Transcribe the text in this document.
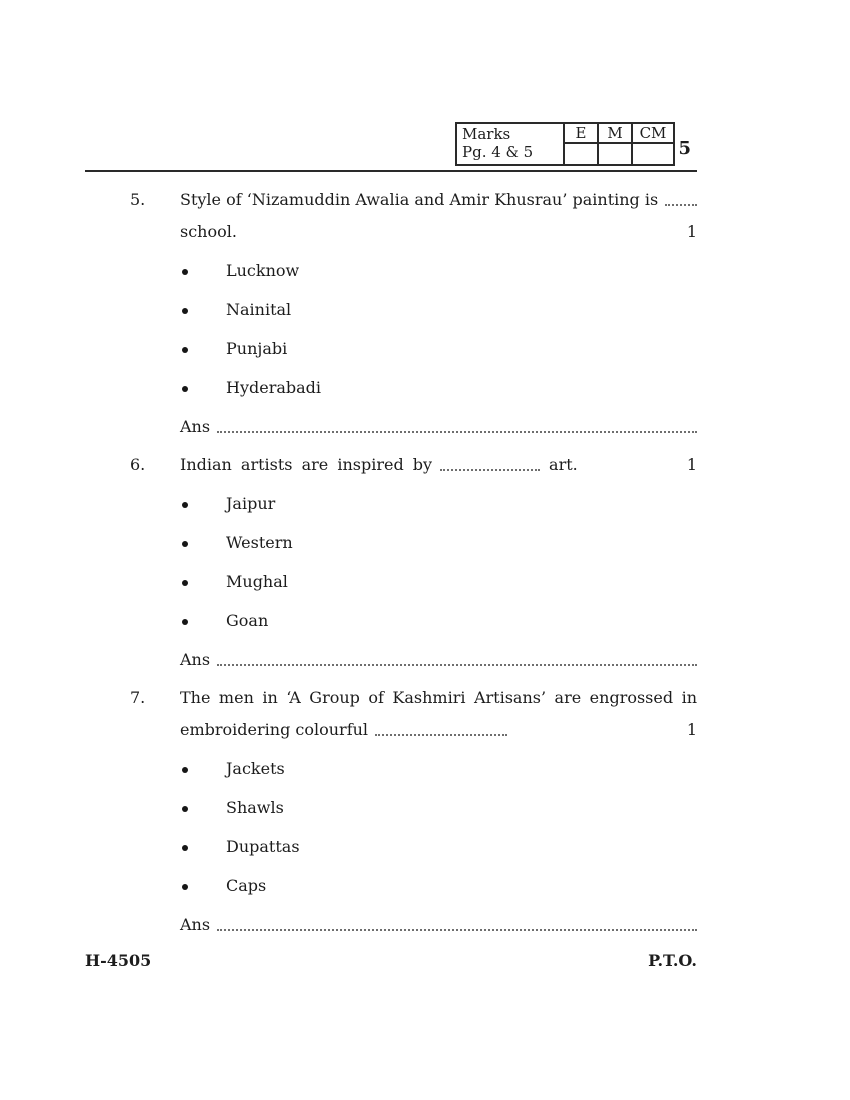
Marks
Pg. 4 & 5	E	M	CM

5
5.	Style of ‘Nizamuddin Awalia and Amir Khusrau’ painting is
school.	1
Lucknow
Nainital
Punjabi
Hyderabadi
Ans
6.	Indian artists are inspired by	art.	1
Jaipur
Western
Mughal
Goan
Ans
7.	The men in ‘A Group of Kashmiri Artisans’ are engrossed in
embroidering colourful	1
Jackets
Shawls
Dupattas
Caps
Ans
H-4505	P.T.O.
